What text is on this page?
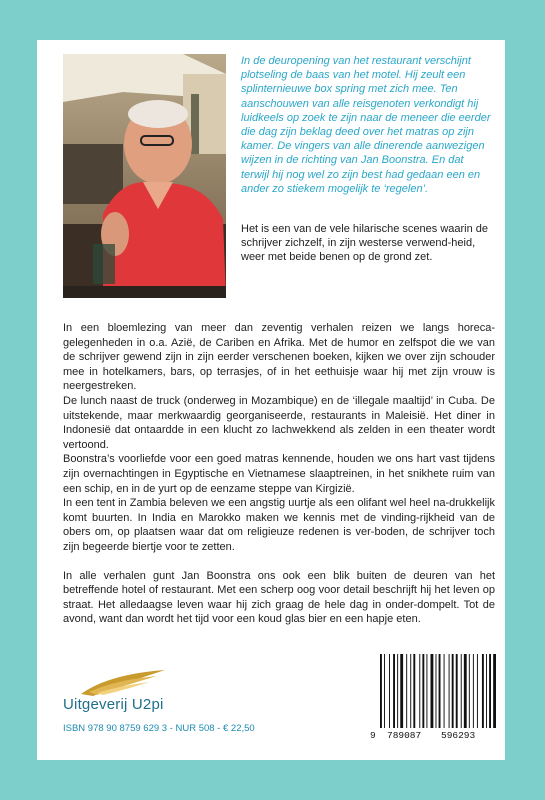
In de deuropening van het restaurant verschijnt plotseling de baas van het motel. Hij zeult een splinternieuwe box spring met zich mee. Ten aanschouwen van alle reisgenoten verkondigt hij luidkeels op zoek te zijn naar de meneer die eerder die dag zijn beklag deed over het matras op zijn kamer. De vingers van alle dinerende aanwezigen wijzen in de richting van Jan Boonstra. En dat terwijl hij nog wel zo zijn best had gedaan een en ander zo stiekem mogelijk te ‘regelen’.

Het is een van de vele hilarische scenes waarin de schrijver zichzelf, in zijn westerse verwend-heid, weer met beide benen op de grond zet.

In een bloemlezing van meer dan zeventig verhalen reizen we langs horeca-gelegenheden in o.a. Azië, de Cariben en Afrika. Met de humor en zelfspot die we van de schrijver gewend zijn in zijn eerder verschenen boeken, kijken we over zijn schouder mee in hotelkamers, bars, op terrasjes, of in het eethuisje waar hij met zijn vrouw is neergestreken.

De lunch naast de truck (onderweg in Mozambique) en de ‘illegale maaltijd’ in Cuba. De uitstekende, maar merkwaardig georganiseerde, restaurants in Maleisië. Het diner in Indonesië dat ontaardde in een klucht zo lachwekkend als zelden in een theater wordt vertoond.

Boonstra’s voorliefde voor een goed matras kennende, houden we ons hart vast tijdens zijn overnachtingen in Egyptische en Vietnamese slaaptreinen, in het snikhete ruim van een schip, en in de yurt op de eenzame steppe van Kirgizië.

In een tent in Zambia beleven we een angstig uurtje als een olifant wel heel na-drukkelijk komt buurten. In India en Marokko maken we kennis met de vinding-rijkheid van de obers om, op plaatsen waar dat om religieuze redenen is ver-boden, de schrijver toch zijn begeerde biertje voor te zetten.

In alle verhalen gunt Jan Boonstra ons ook een blik buiten de deuren van het betreffende hotel of restaurant. Met een scherp oog voor detail beschrijft hij het leven op straat. Het alledaagse leven waar hij zich graag de hele dag in onder-dompelt. Tot de avond, want dan wordt het tijd voor een koud glas bier en een hapje eten.

Uitgeverij U2pi
ISBN 978 90 8759 629 3 - NUR 508 - € 22,50
9 789087 596293
